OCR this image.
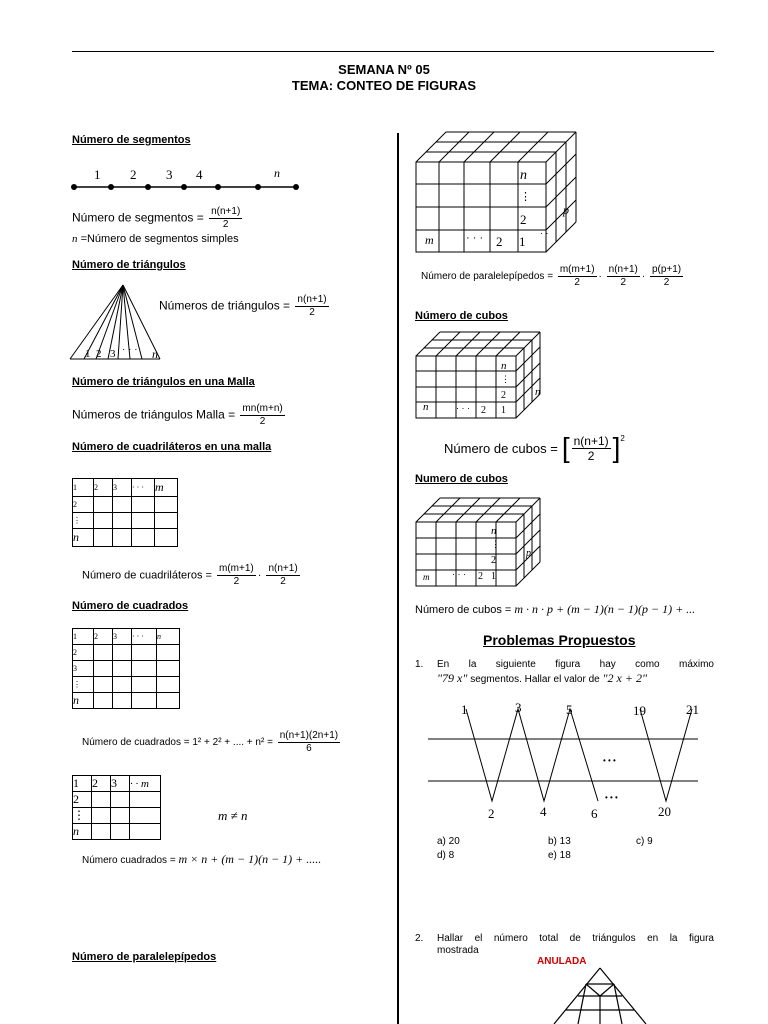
SEMANA Nº 05
TEMA: CONTEO DE FIGURAS
Número de segmentos
1 2 3 4	n
Número de segmentos = $\frac{n(n+1)}{2}$
n =Número de segmentos simples
Número de triángulos
1 2 3 · · · n
Números de triángulos = $\frac{n(n+1)}{2}$
Número de triángulos en una Malla
Números de triángulos Malla = $\frac{mn(m+n)}{2}$
Número de cuadriláteros en una malla
1	2	3	· · ·	m
2				
⋮				
n				
Número de cuadriláteros = $\frac{m(m+1)}{2} \cdot \frac{n(n+1)}{2}$
Número de cuadrados
1	2	3	· · ·	n
2				
3				
⋮				
n				
Número de cuadrados = 1² + 2² + .... + $n^2 = \frac{n(n+1)(2n+1)}{6}$
1	2	3	· · m
2			
⋮			
n			
m ≠ n
Número cuadrados = m × n + (m − 1)(n − 1) + .....
Número de paralelepípedos
n
⋮
2
m	· · · 2 1
p
· ·
Número de paralelepípedos = $\frac{m(m+1)}{2} \cdot \frac{n(n+1)}{2} \cdot \frac{p(p+1)}{2}$
Número de cubos
n
⋮
2
n	· · · 2 1
n
Número de cubos = [ $\frac{n(n+1)}{2}$ ] 2
Numero de cubos
n
⋮
2
m	· · · 2 1
p
Número de cubos = m · n · p + (m − 1)(n − 1)(p − 1) + ...
Problemas Propuestos
1. En la siguiente figura hay como máximo
"79 x" segmentos. Hallar el valor de "2 x + 2"
1	3	5	19	21
2	4	6	20
• • •
• • •
a) 20	b) 13	c) 9
d) 8	e) 18
2. Hallar el número total de triángulos en la figura
mostrada
ANULADA
